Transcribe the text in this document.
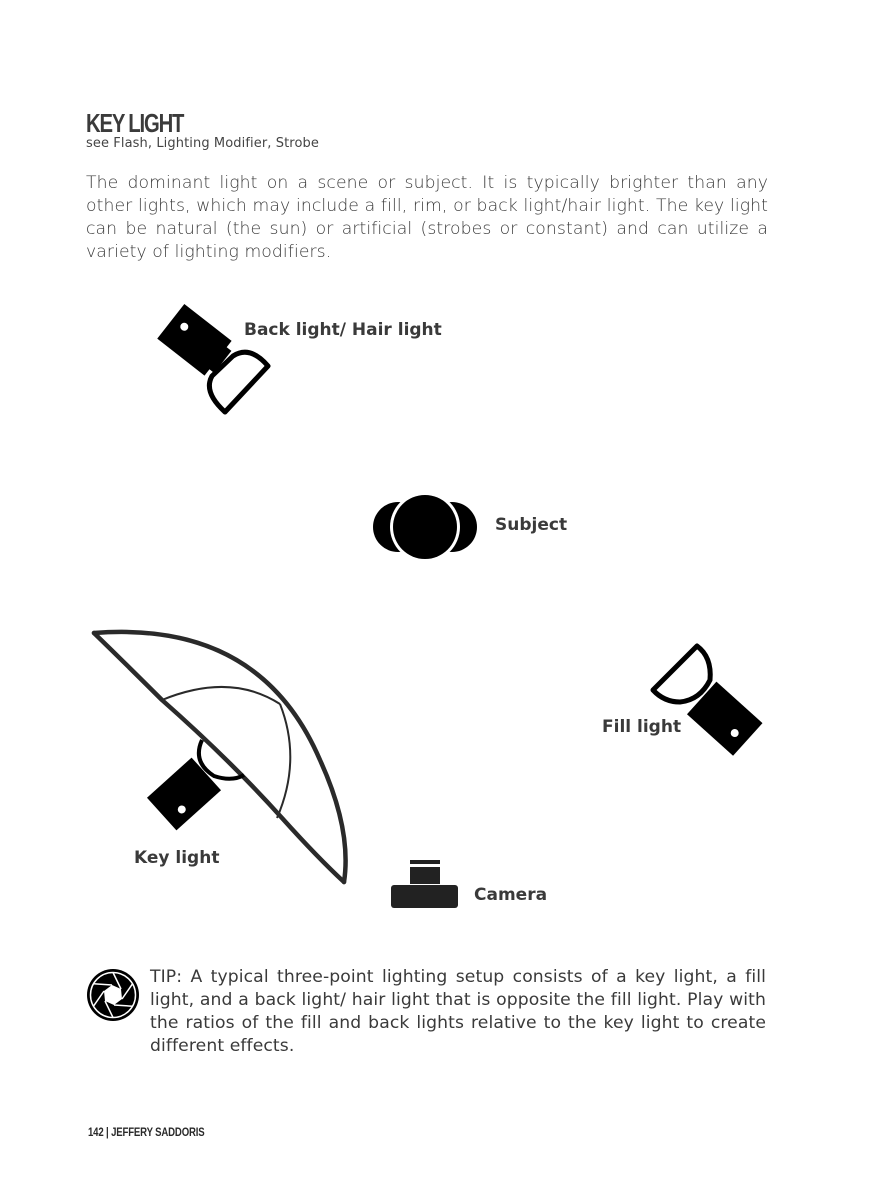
KEY LIGHT
see Flash, Lighting Modifier, Strobe
The dominant light on a scene or subject. It is typically brighter than any other lights, which may include a fill, rim, or back light/hair light. The key light can be natural (the sun) or artificial (strobes or constant) and can utilize a variety of lighting modifiers.
Back light/ Hair light
Subject
Fill light
Key light
Camera
TIP: A typical three-point lighting setup consists of a key light, a fill light, and a back light/ hair light that is opposite the fill light. Play with the ratios of the fill and back lights relative to the key light to create different effects.
142 | JEFFERY SADDORIS
